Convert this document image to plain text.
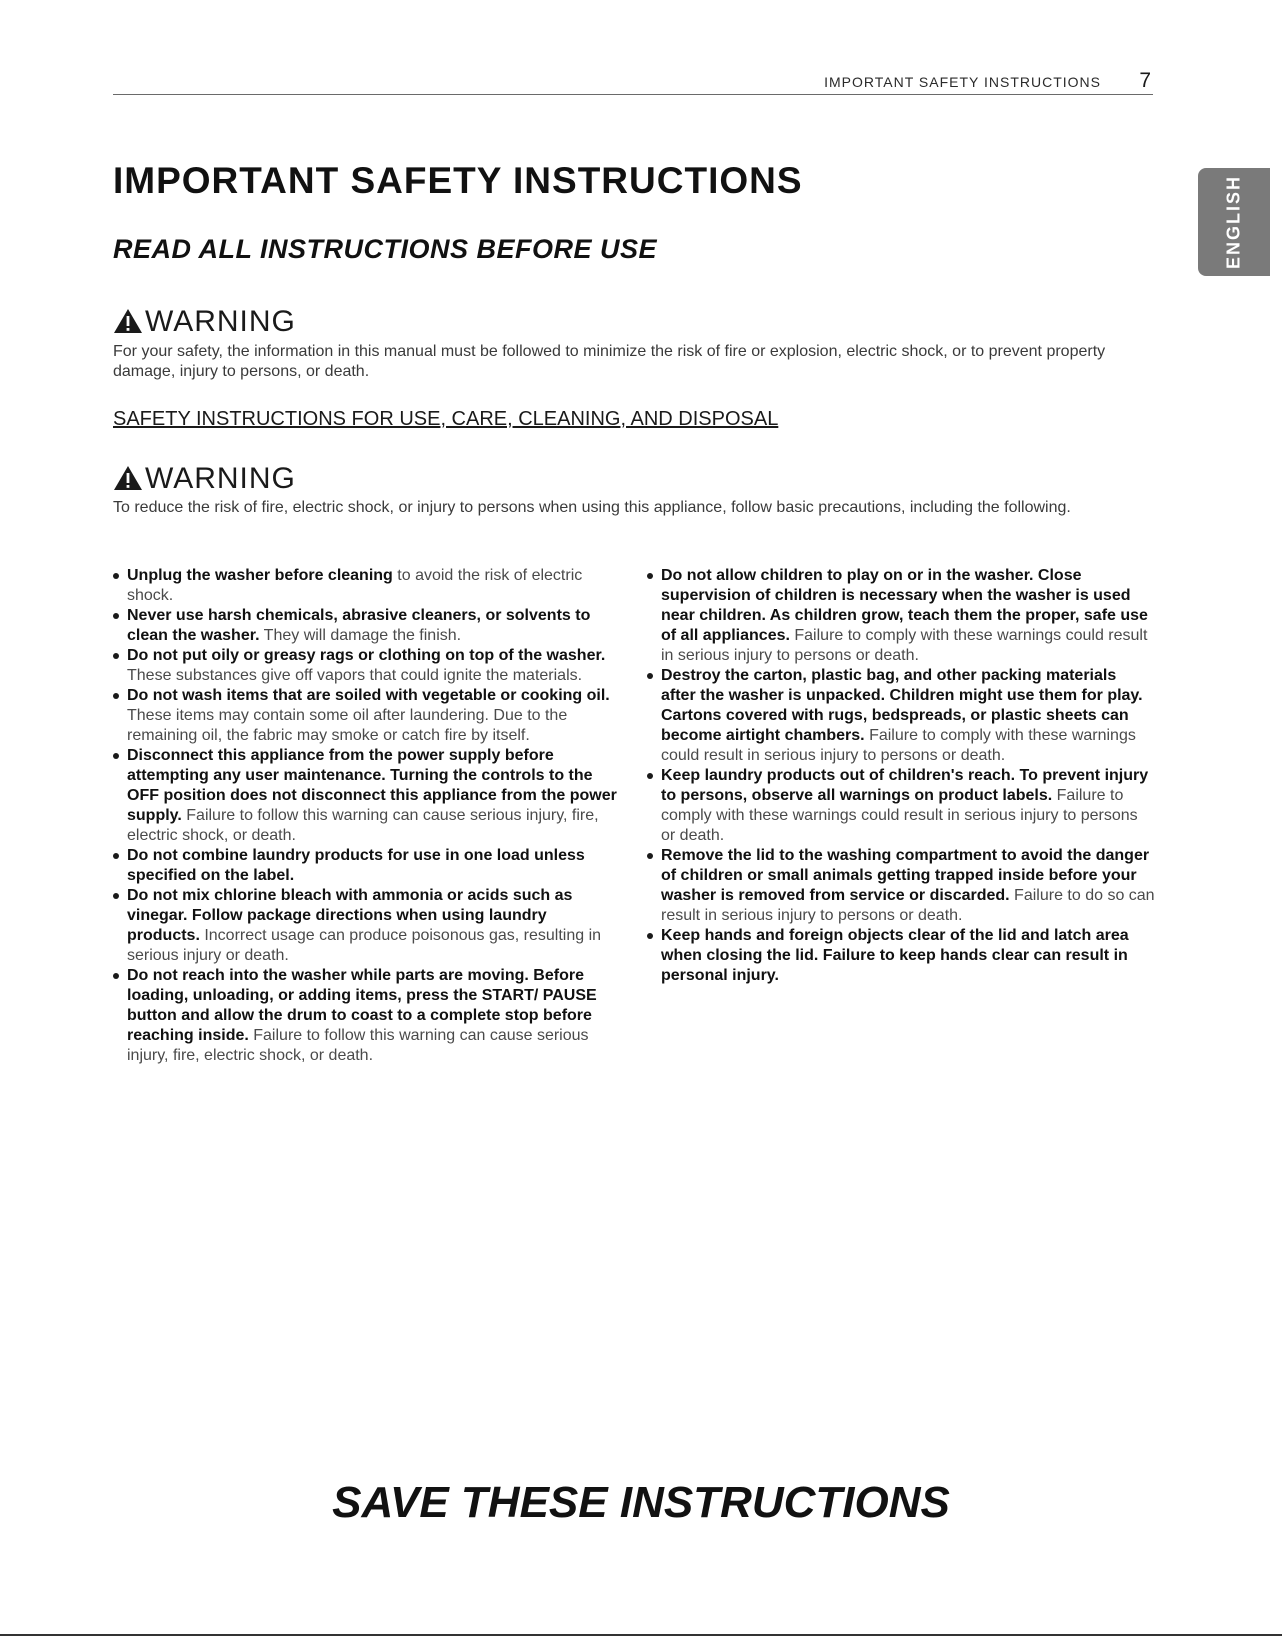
IMPORTANT SAFETY INSTRUCTIONS 7
ENGLISH
IMPORTANT SAFETY INSTRUCTIONS
READ ALL INSTRUCTIONS BEFORE USE
WARNING

For your safety, the information in this manual must be followed to minimize the risk of fire or explosion, electric shock, or to prevent property damage, injury to persons, or death.

SAFETY INSTRUCTIONS FOR USE, CARE, CLEANING, AND DISPOSAL

WARNING

To reduce the risk of fire, electric shock, or injury to persons when using this appliance, follow basic precautions, including the following.

Unplug the washer before cleaning to avoid the risk of electric shock.
Never use harsh chemicals, abrasive cleaners, or solvents to clean the washer. They will damage the finish.
Do not put oily or greasy rags or clothing on top of the washer. These substances give off vapors that could ignite the materials.
Do not wash items that are soiled with vegetable or cooking oil. These items may contain some oil after laundering. Due to the remaining oil, the fabric may smoke or catch fire by itself.
Disconnect this appliance from the power supply before attempting any user maintenance. Turning the controls to the OFF position does not disconnect this appliance from the power supply. Failure to follow this warning can cause serious injury, fire, electric shock, or death.
Do not combine laundry products for use in one load unless specified on the label.
Do not mix chlorine bleach with ammonia or acids such as vinegar. Follow package directions when using laundry products. Incorrect usage can produce poisonous gas, resulting in serious injury or death.
Do not reach into the washer while parts are moving. Before loading, unloading, or adding items, press the START/ PAUSE button and allow the drum to coast to a complete stop before reaching inside. Failure to follow this warning can cause serious injury, fire, electric shock, or death.
Do not allow children to play on or in the washer. Close supervision of children is necessary when the washer is used near children. As children grow, teach them the proper, safe use of all appliances. Failure to comply with these warnings could result in serious injury to persons or death.
Destroy the carton, plastic bag, and other packing materials after the washer is unpacked. Children might use them for play. Cartons covered with rugs, bedspreads, or plastic sheets can become airtight chambers. Failure to comply with these warnings could result in serious injury to persons or death.
Keep laundry products out of children's reach. To prevent injury to persons, observe all warnings on product labels. Failure to comply with these warnings could result in serious injury to persons or death.
Remove the lid to the washing compartment to avoid the danger of children or small animals getting trapped inside before your washer is removed from service or discarded. Failure to do so can result in serious injury to persons or death.
Keep hands and foreign objects clear of the lid and latch area when closing the lid. Failure to keep hands clear can result in personal injury.
SAVE THESE INSTRUCTIONS
